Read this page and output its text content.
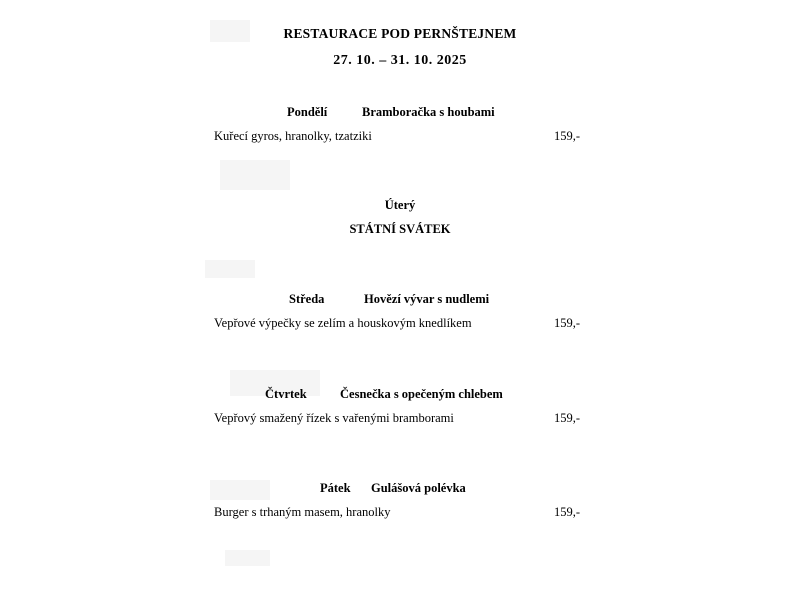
RESTAURACE POD PERNŠTEJNEM
27. 10. – 31. 10. 2025
Pondělí	Bramboračka s houbami
Kuřecí gyros, hranolky, tzatziki	159,-
Úterý
STÁTNÍ SVÁTEK
Středa	Hovězí vývar s nudlemi
Vepřové výpečky se zelím a houskovým knedlíkem	159,-
Čtvrtek	Česnečka s opečeným chlebem
Vepřový smažený řízek s vařenými bramborami	159,-
Pátek Gulášová polévka
Burger s trhaným masem, hranolky	159,-
